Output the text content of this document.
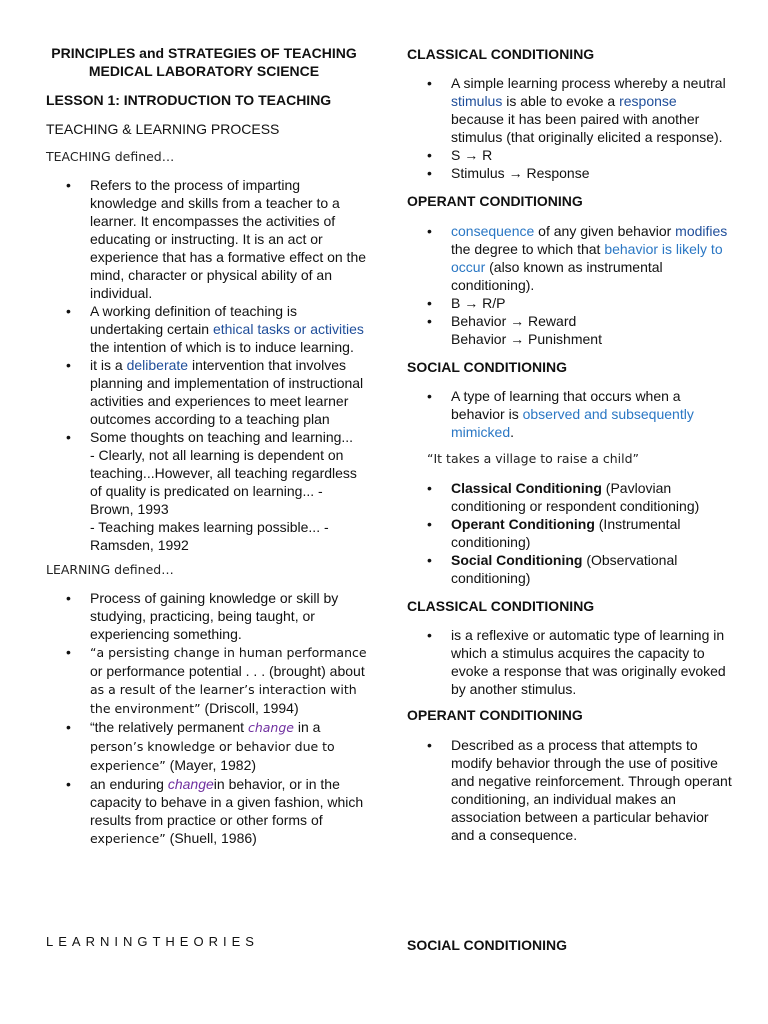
PRINCIPLES and STRATEGIES OF TEACHING MEDICAL LABORATORY SCIENCE
LESSON 1: INTRODUCTION TO TEACHING
TEACHING & LEARNING PROCESS
TEACHING defined…
• Refers to the process of imparting knowledge and skills from a teacher to a learner. It encompasses the activities of educating or instructing. It is an act or experience that has a formative effect on the mind, character or physical ability of an individual.
• A working definition of teaching is undertaking certain ethical tasks or activities the intention of which is to induce learning.
• it is a deliberate intervention that involves planning and implementation of instructional activities and experiences to meet learner outcomes according to a teaching plan
• Some thoughts on teaching and learning...
- Clearly, not all learning is dependent on teaching...However, all teaching regardless of quality is predicated on learning... - Brown, 1993
- Teaching makes learning possible... - Ramsden, 1992
LEARNING defined…
• Process of gaining knowledge or skill by studying, practicing, being taught, or experiencing something.
• “a persisting change in human performance
or performance potential . . . (brought) about
as a result of the learner’s interaction with the environment” (Driscoll, 1994)
• “the relatively permanent change in a
person’s knowledge or behavior due to experience” (Mayer, 1982)
• an enduring changein behavior, or in the capacity to behave in a given fashion, which results from practice or other forms of
experience” (Shuell, 1986)
LEARNINGTHEORIES
CLASSICAL CONDITIONING
• A simple learning process whereby a neutral stimulus is able to evoke a response because it has been paired with another stimulus (that originally elicited a response).
• S → R
• Stimulus → Response
OPERANT CONDITIONING
• consequence of any given behavior modifies the degree to which that behavior is likely to occur (also known as instrumental conditioning).
• B → R/P
• Behavior → Reward
Behavior → Punishment
SOCIAL CONDITIONING
• A type of learning that occurs when a behavior is observed and subsequently mimicked.
“It takes a village to raise a child”
• Classical Conditioning (Pavlovian conditioning or respondent conditioning)
• Operant Conditioning (Instrumental conditioning)
• Social Conditioning (Observational conditioning)
CLASSICAL CONDITIONING
• is a reflexive or automatic type of learning in which a stimulus acquires the capacity to evoke a response that was originally evoked by another stimulus.
OPERANT CONDITIONING
• Described as a process that attempts to modify behavior through the use of positive and negative reinforcement. Through operant conditioning, an individual makes an association between a particular behavior and a consequence.
SOCIAL CONDITIONING
